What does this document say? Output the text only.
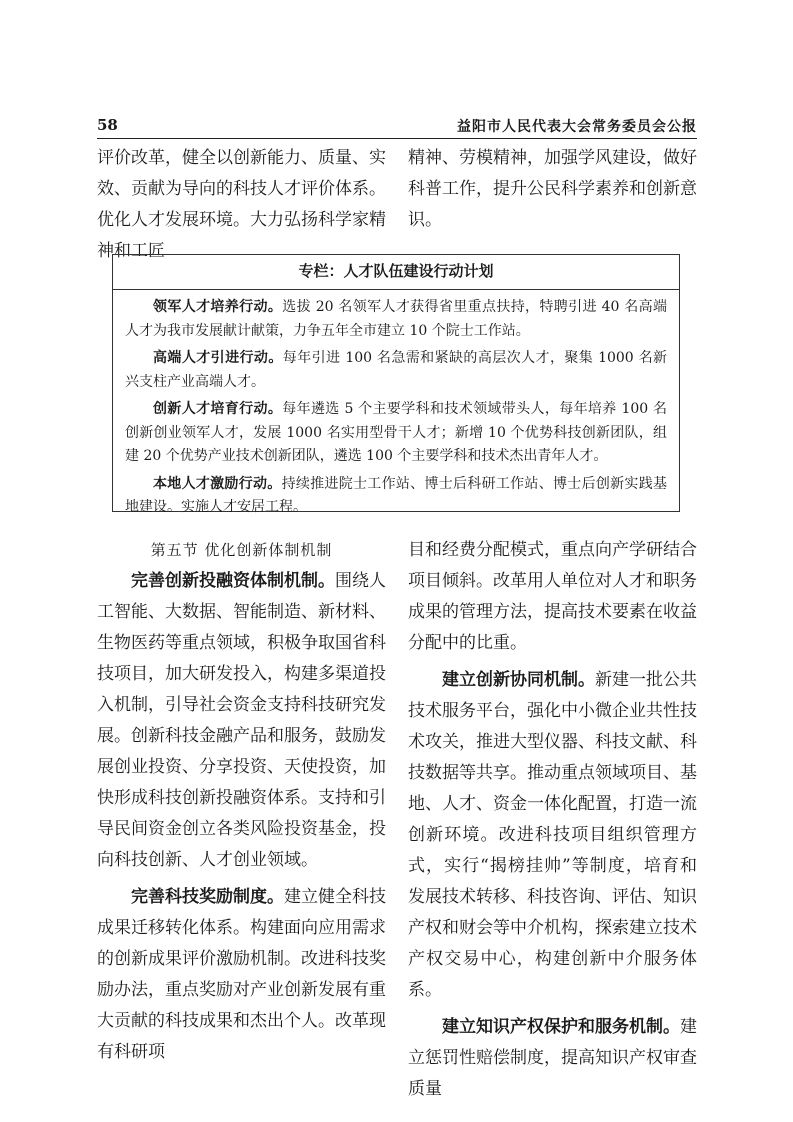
58	益阳市人民代表大会常务委员会公报

评价改革，健全以创新能力、质量、实效、贡献为导向的科技人才评价体系。优化人才发展环境。大力弘扬科学家精神和工匠

精神、劳模精神，加强学风建设，做好科普工作，提升公民科学素养和创新意识。

专栏：人才队伍建设行动计划

领军人才培养行动。选拔 20 名领军人才获得省里重点扶持，特聘引进 40 名高端人才为我市发展献计献策，力争五年全市建立 10 个院士工作站。

高端人才引进行动。每年引进 100 名急需和紧缺的高层次人才，聚集 1000 名新兴支柱产业高端人才。

创新人才培育行动。每年遴选 5 个主要学科和技术领域带头人，每年培养 100 名创新创业领军人才，发展 1000 名实用型骨干人才；新增 10 个优势科技创新团队，组建 20 个优势产业技术创新团队，遴选 100 个主要学科和技术杰出青年人才。

本地人才激励行动。持续推进院士工作站、博士后科研工作站、博士后创新实践基地建设。实施人才安居工程。

第五节 优化创新体制机制

完善创新投融资体制机制。围绕人工智能、大数据、智能制造、新材料、生物医药等重点领域，积极争取国省科技项目，加大研发投入，构建多渠道投入机制，引导社会资金支持科技研究发展。创新科技金融产品和服务，鼓励发展创业投资、分享投资、天使投资，加快形成科技创新投融资体系。支持和引导民间资金创立各类风险投资基金，投向科技创新、人才创业领域。

完善科技奖励制度。建立健全科技成果迁移转化体系。构建面向应用需求的创新成果评价激励机制。改进科技奖励办法，重点奖励对产业创新发展有重大贡献的科技成果和杰出个人。改革现有科研项

目和经费分配模式，重点向产学研结合项目倾斜。改革用人单位对人才和职务成果的管理方法，提高技术要素在收益分配中的比重。

建立创新协同机制。新建一批公共技术服务平台，强化中小微企业共性技术攻关，推进大型仪器、科技文献、科技数据等共享。推动重点领域项目、基地、人才、资金一体化配置，打造一流创新环境。改进科技项目组织管理方式，实行“揭榜挂帅”等制度，培育和发展技术转移、科技咨询、评估、知识产权和财会等中介机构，探索建立技术产权交易中心，构建创新中介服务体系。

建立知识产权保护和服务机制。建立惩罚性赔偿制度，提高知识产权审查质量
